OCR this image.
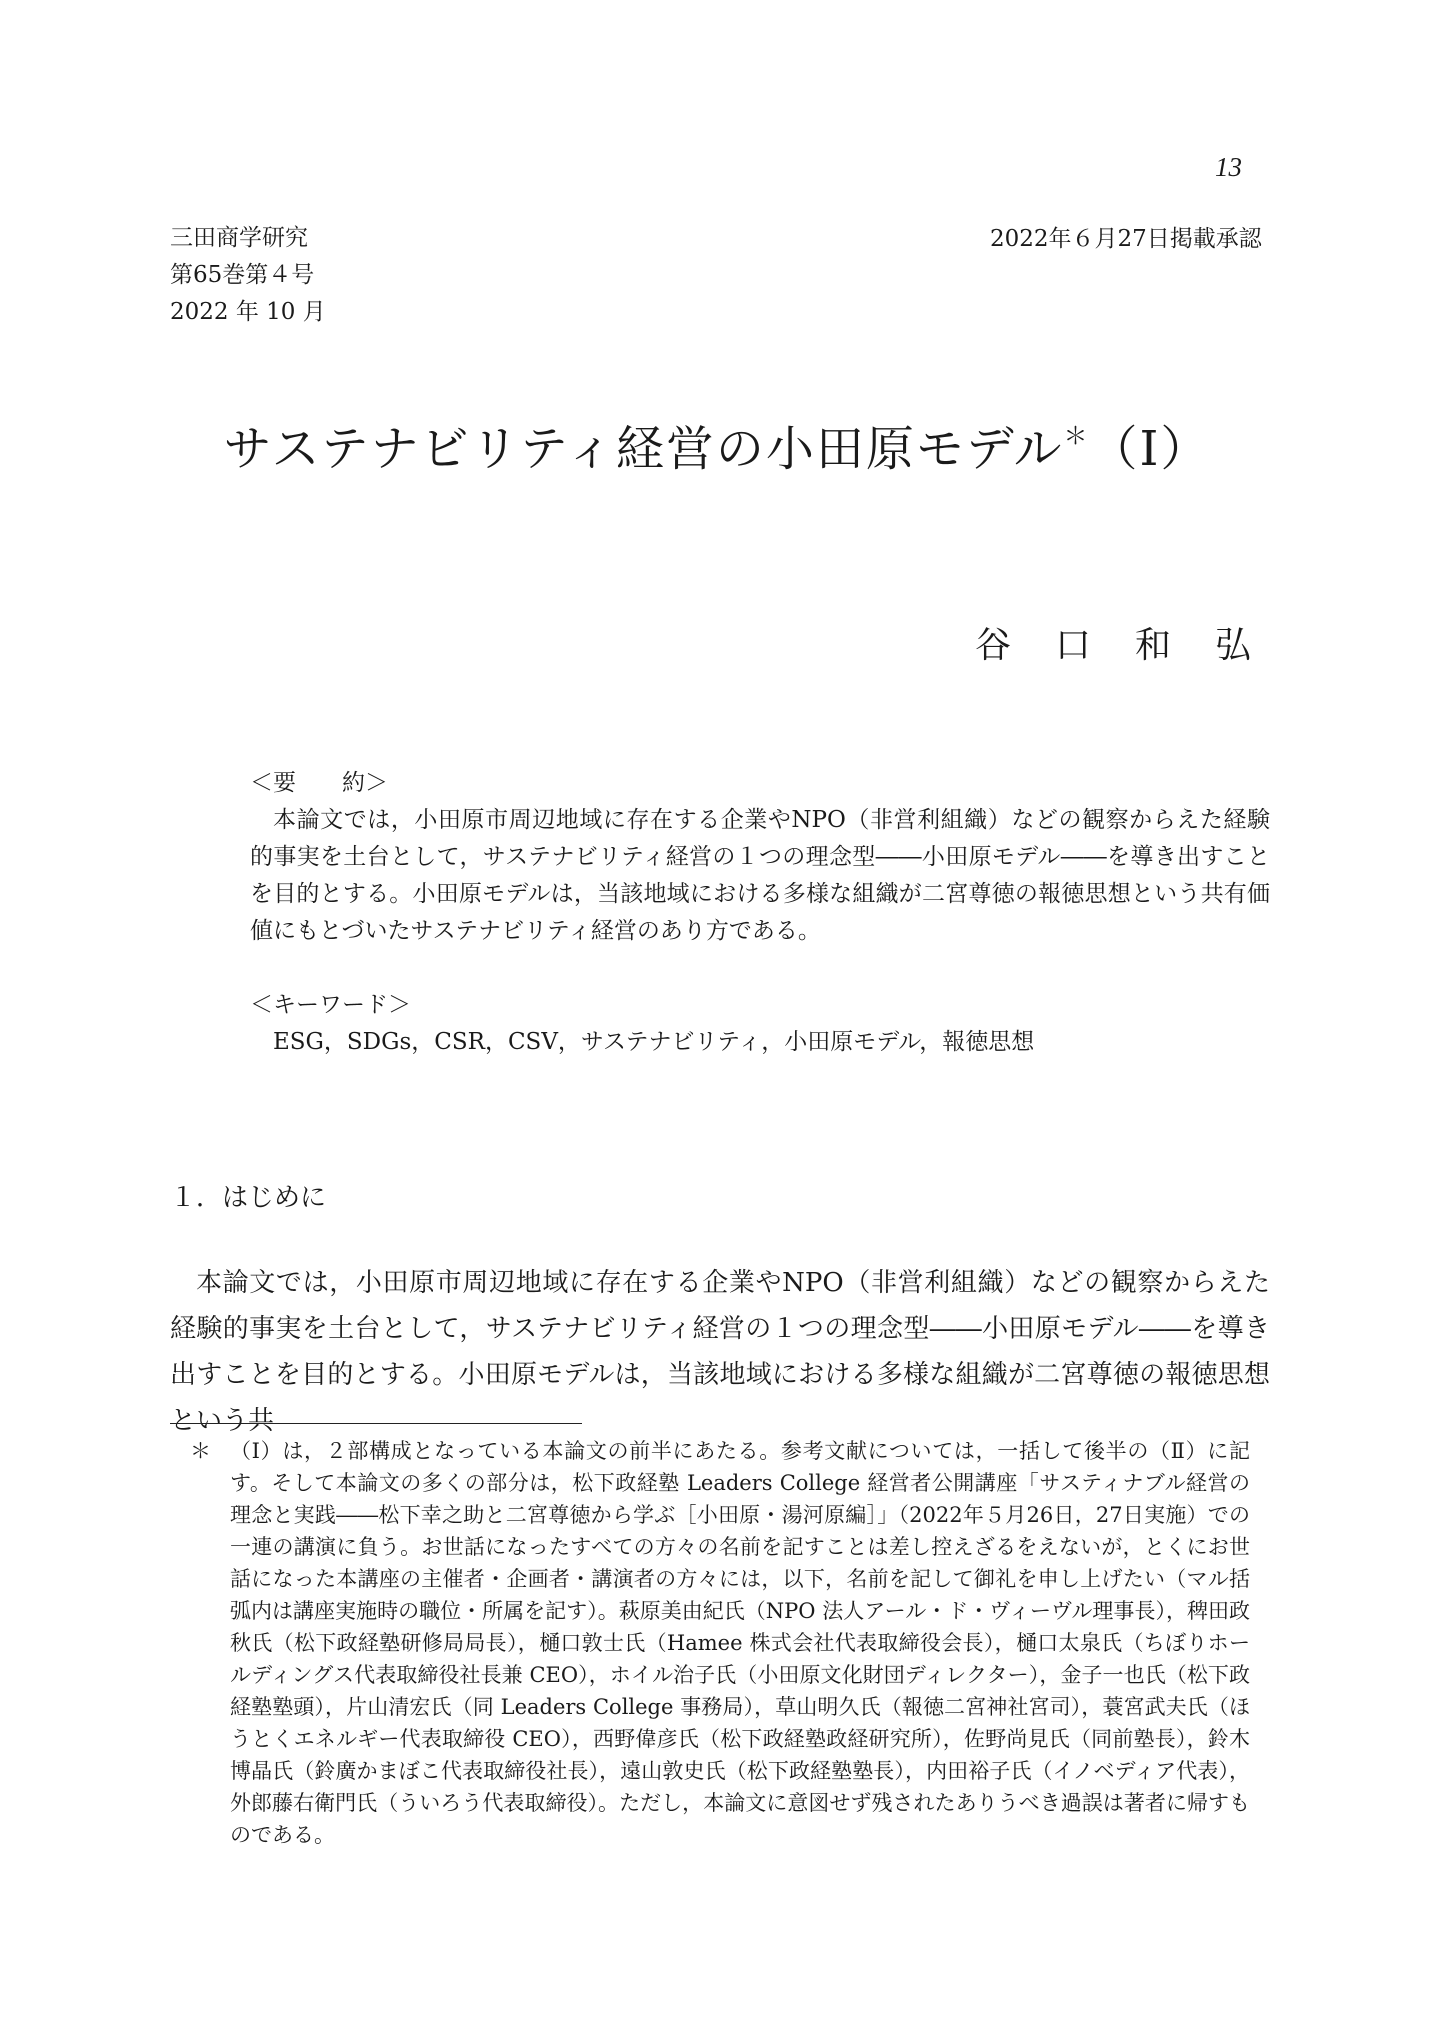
13
三田商学研究
第65巻第４号
2022 年 10 月
2022年６月27日掲載承認
サステナビリティ経営の小田原モデル＊（Ⅰ）
谷口和弘

＜要　　約＞

本論文では，小田原市周辺地域に存在する企業やNPO（非営利組織）などの観察からえた経験的事実を土台として，サステナビリティ経営の１つの理念型――小田原モデル――を導き出すことを目的とする。小田原モデルは，当該地域における多様な組織が二宮尊徳の報徳思想という共有価値にもとづいたサステナビリティ経営のあり方である。

＜キーワード＞

ESG，SDGs，CSR，CSV，サステナビリティ，小田原モデル，報徳思想

１．はじめに

本論文では，小田原市周辺地域に存在する企業やNPO（非営利組織）などの観察からえた経験的事実を土台として，サステナビリティ経営の１つの理念型――小田原モデル――を導き出すことを目的とする。小田原モデルは，当該地域における多様な組織が二宮尊徳の報徳思想という共

＊ （Ⅰ）は，２部構成となっている本論文の前半にあたる。参考文献については，一括して後半の（Ⅱ）に記す。そして本論文の多くの部分は，松下政経塾 Leaders College 経営者公開講座「サスティナブル経営の理念と実践――松下幸之助と二宮尊徳から学ぶ［小田原・湯河原編］」（2022年５月26日，27日実施）での一連の講演に負う。お世話になったすべての方々の名前を記すことは差し控えざるをえないが，とくにお世話になった本講座の主催者・企画者・講演者の方々には，以下，名前を記して御礼を申し上げたい（マル括弧内は講座実施時の職位・所属を記す）。萩原美由紀氏（NPO 法人アール・ド・ヴィーヴル理事長），稗田政秋氏（松下政経塾研修局局長），樋口敦士氏（Hamee 株式会社代表取締役会長），樋口太泉氏（ちぼりホールディングス代表取締役社長兼 CEO），ホイル治子氏（小田原文化財団ディレクター），金子一也氏（松下政経塾塾頭），片山清宏氏（同 Leaders College 事務局），草山明久氏（報徳二宮神社宮司），蓑宮武夫氏（ほうとくエネルギー代表取締役 CEO），西野偉彦氏（松下政経塾政経研究所），佐野尚見氏（同前塾長），鈴木博晶氏（鈴廣かまぼこ代表取締役社長），遠山敦史氏（松下政経塾塾長），内田裕子氏（イノベディア代表），外郎藤右衛門氏（ういろう代表取締役）。ただし，本論文に意図せず残されたありうべき過誤は著者に帰すものである。
